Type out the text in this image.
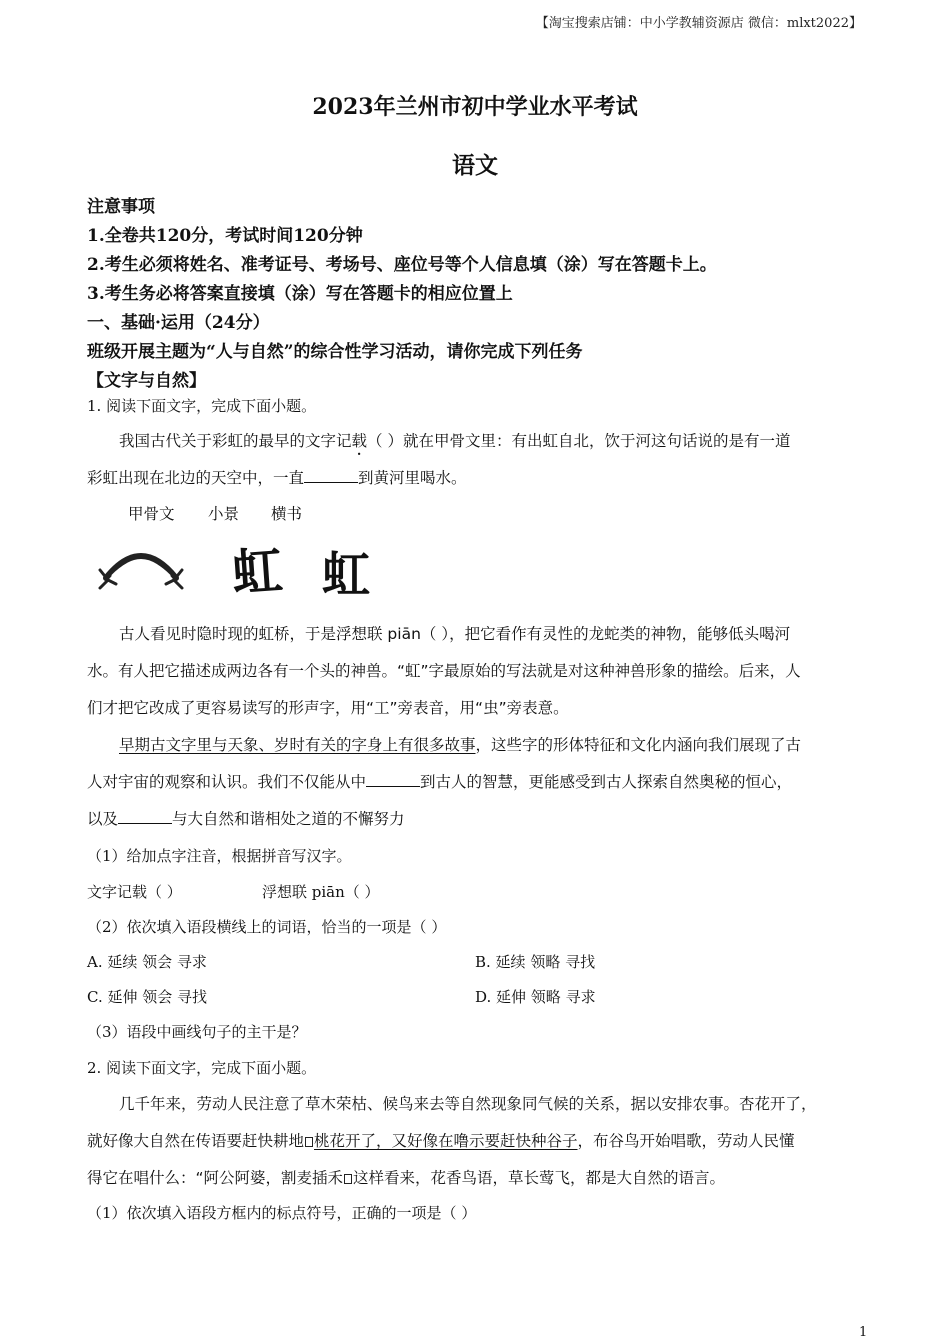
【淘宝搜索店铺：中小学教辅资源店 微信：mlxt2022】
2023年兰州市初中学业水平考试
语文
注意事项
1.全卷共120分，考试时间120分钟
2.考生必须将姓名、准考证号、考场号、座位号等个人信息填（涂）写在答题卡上。
3.考生务必将答案直接填（涂）写在答题卡的相应位置上
一、基础·运用（24分）
班级开展主题为“人与自然”的综合性学习活动，请你完成下列任务
【文字与自然】
1. 阅读下面文字，完成下面小题。
我国古代关于彩虹的最早的文字记载（ ）就在甲骨文里：有出虹自北，饮于河这句话说的是有一道
彩虹出现在北边的天空中，一直	到黄河里喝水。
甲骨文 小景 横书
虹 虹
古人看见时隐时现的虹桥，于是浮想联 piān（ ），把它看作有灵性的龙蛇类的神物，能够低头喝河
水。有人把它描述成两边各有一个头的神兽。“虹”字最原始的写法就是对这种神兽形象的描绘。后来，人
们才把它改成了更容易读写的形声字，用“工”旁表音，用“虫”旁表意。
早期古文字里与天象、岁时有关的字身上有很多故事，这些字的形体特征和文化内涵向我们展现了古
人对宇宙的观察和认识。我们不仅能从中	到古人的智慧，更能感受到古人探索自然奥秘的恒心，
以及	与大自然和谐相处之道的不懈努力
（1）给加点字注音，根据拼音写汉字。
文字记载（ ）	浮想联 piān（ ）
（2）依次填入语段横线上的词语，恰当的一项是（ ）
A. 延续 领会 寻求	B. 延续 领略 寻找
C. 延伸 领会 寻找	D. 延伸 领略 寻求
（3）语段中画线句子的主干是？
2. 阅读下面文字，完成下面小题。
几千年来，劳动人民注意了草木荣枯、候鸟来去等自然现象同气候的关系，据以安排农事。杏花开了，
就好像大自然在传语要赶快耕地 桃花开了，又好像在噜示要赶快种谷子，布谷鸟开始唱歌，劳动人民懂
得它在唱什么：“阿公阿婆，割麦插禾 这样看来，花香鸟语，草长莺飞，都是大自然的语言。
（1）依次填入语段方框内的标点符号，正确的一项是（ ）
1
